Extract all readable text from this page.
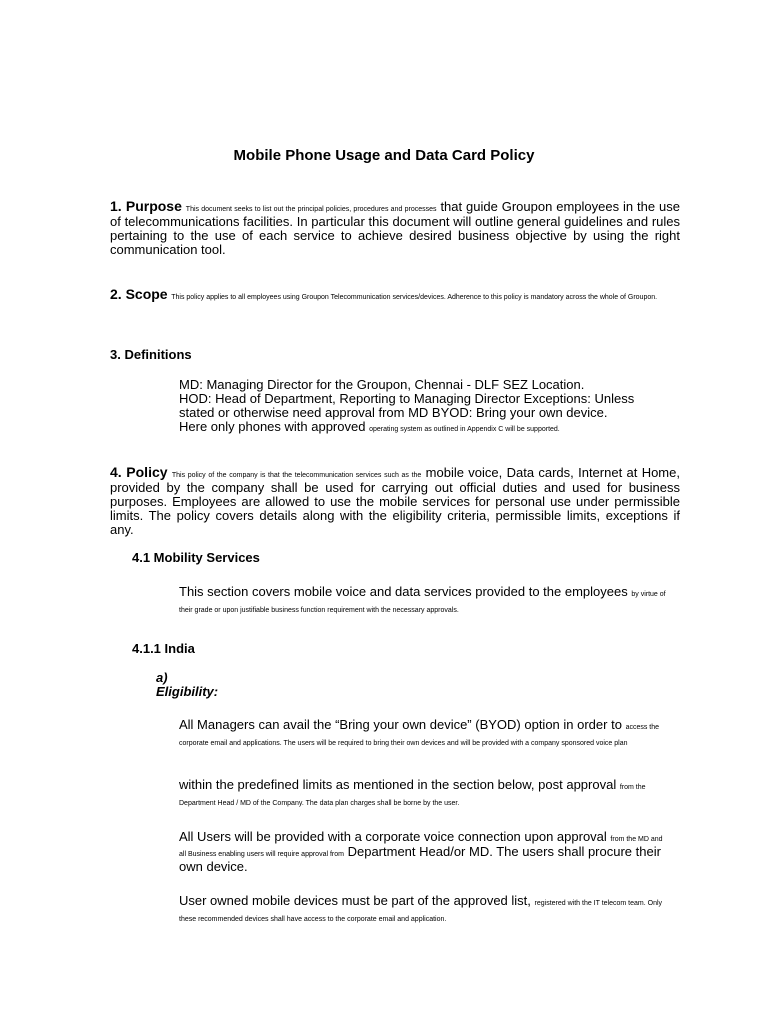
Mobile Phone Usage and Data Card Policy
1. Purpose This document seeks to list out the principal policies, procedures and processes that guide Groupon employees in the use of telecommunications facilities. In particular this document will outline general guidelines and rules pertaining to the use of each service to achieve desired business objective by using the right communication tool.
2. Scope This policy applies to all employees using Groupon Telecommunication services/devices. Adherence to this policy is mandatory across the whole of Groupon.
3. Definitions
MD: Managing Director for the Groupon, Chennai - DLF SEZ Location.
HOD: Head of Department, Reporting to Managing Director Exceptions: Unless
stated or otherwise need approval from MD BYOD: Bring your own device.
Here only phones with approved operating system as outlined in Appendix C will be supported.
4. Policy This policy of the company is that the telecommunication services such as the mobile voice, Data cards, Internet at Home, provided by the company shall be used for carrying out official duties and used for business purposes. Employees are allowed to use the mobile services for personal use under permissible limits. The policy covers details along with the eligibility criteria, permissible limits, exceptions if any.
4.1 Mobility Services
This section covers mobile voice and data services provided to the employees by virtue of their grade or upon justifiable business function requirement with the necessary approvals.
4.1.1 India
a)
Eligibility:
All Managers can avail the “Bring your own device” (BYOD) option in order to access the corporate email and applications. The users will be required to bring their own devices and will be provided with a company sponsored voice plan
within the predefined limits as mentioned in the section below, post approval from the Department Head / MD of the Company. The data plan charges shall be borne by the user.
All Users will be provided with a corporate voice connection upon approval from the MD and all Business enabling users will require approval from Department Head/or MD. The users shall procure their own device.
User owned mobile devices must be part of the approved list, registered with the IT telecom team. Only these recommended devices shall have access to the corporate email and application.
